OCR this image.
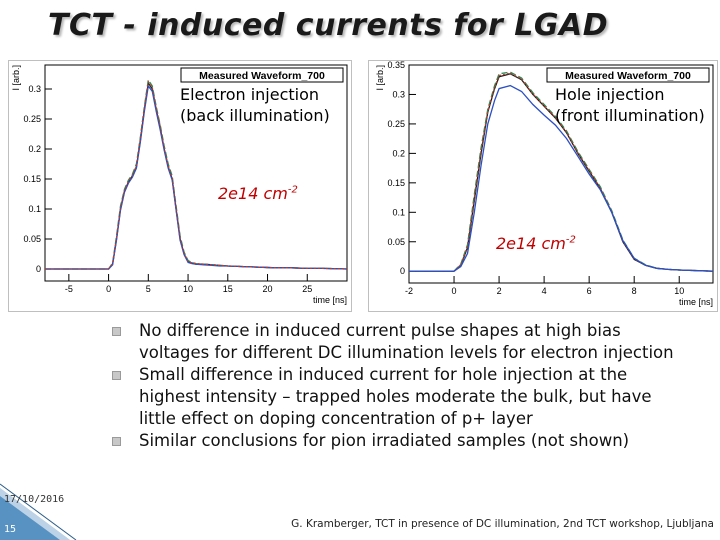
TCT - induced currents for LGAD
0
0.05
0.1
0.15
0.2
0.25
0.3
-5	0	5	10	15	20	25
time [ns]
I [arb.]	Measured Waveform_700
Electron injection
(back illumination)
2e14 $cm^{-2}$
0
0.05
0.1
0.15
0.2
0.25
0.3
0.35
-2	0	2	4	6	8	10
time [ns]
I [arb.]	Measured Waveform_700
Hole injection
(front illumination)
2e14 $cm^{-2}$
No difference in induced current pulse shapes at high bias voltages for different DC illumination levels for electron injection
Small difference in induced current for hole injection at the highest intensity – trapped holes moderate the bulk, but have little effect on doping concentration of p+ layer
Similar conclusions for pion irradiated samples (not shown)
17/10/2016
15	G. Kramberger, TCT in presence of DC illumination, 2nd TCT workshop, Ljubljana
